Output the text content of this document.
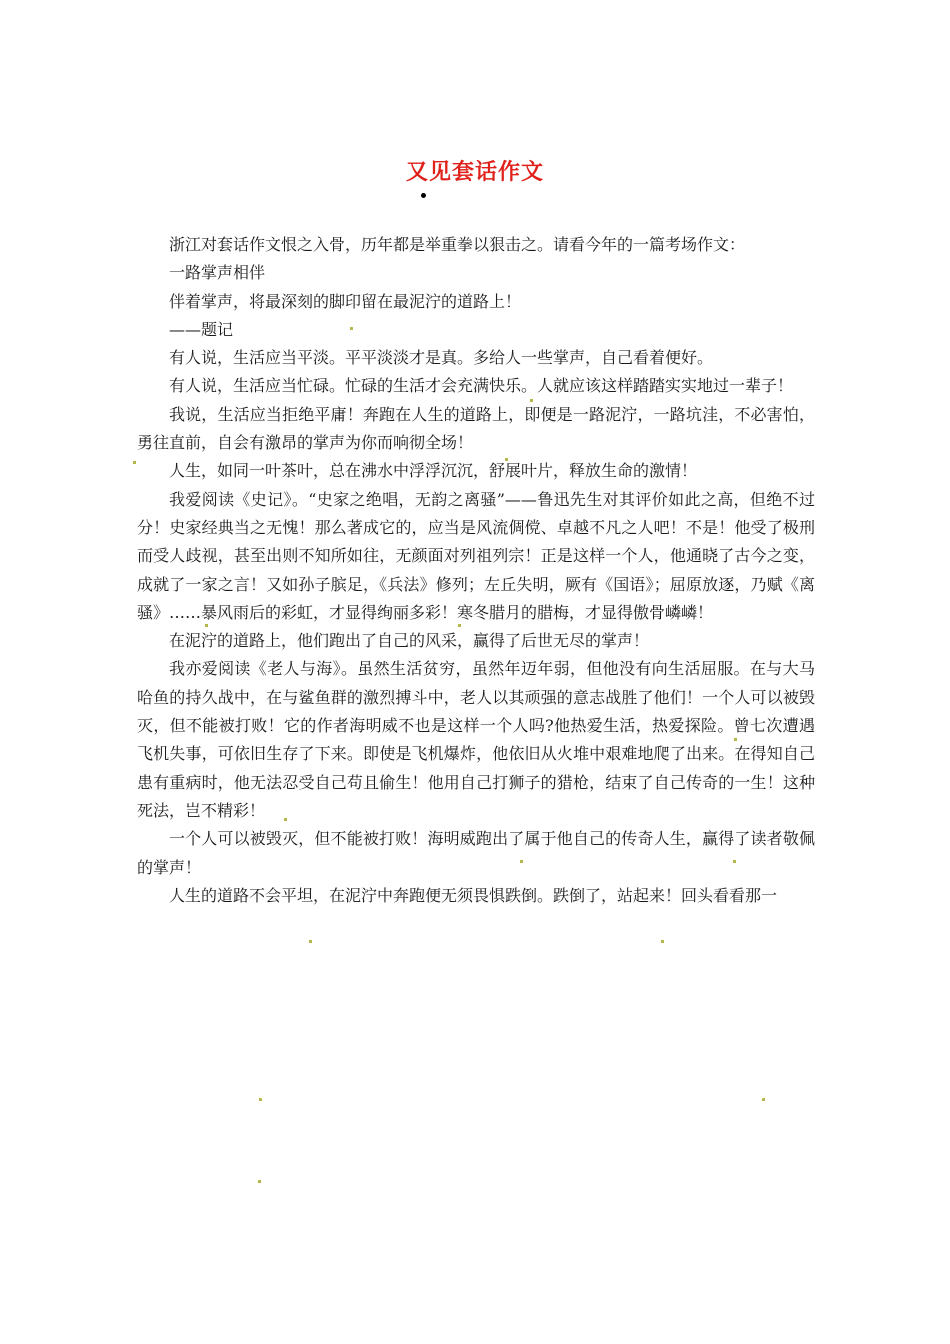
又见套话作文

浙江对套话作文恨之入骨，历年都是举重拳以狠击之。请看今年的一篇考场作文：

一路掌声相伴

伴着掌声，将最深刻的脚印留在最泥泞的道路上！

——题记

有人说，生活应当平淡。平平淡淡才是真。多给人一些掌声，自己看着便好。

有人说，生活应当忙碌。忙碌的生活才会充满快乐。人就应该这样踏踏实实地过一辈子！

我说，生活应当拒绝平庸！奔跑在人生的道路上，即便是一路泥泞，一路坑洼，不必害怕，勇往直前，自会有激昂的掌声为你而响彻全场！

人生，如同一叶茶叶，总在沸水中浮浮沉沉，舒展叶片，释放生命的激情！

我爱阅读《史记》。“史家之绝唱，无韵之离骚”——鲁迅先生对其评价如此之高，但绝不过分！史家经典当之无愧！那么著成它的，应当是风流倜傥、卓越不凡之人吧！不是！他受了极刑而受人歧视，甚至出则不知所如往，无颜面对列祖列宗！正是这样一个人，他通晓了古今之变，成就了一家之言！又如孙子膑足，《兵法》修列；左丘失明，厥有《国语》；屈原放逐，乃赋《离骚》……暴风雨后的彩虹，才显得绚丽多彩！寒冬腊月的腊梅，才显得傲骨嶙嶙！

在泥泞的道路上，他们跑出了自己的风采，赢得了后世无尽的掌声！

我亦爱阅读《老人与海》。虽然生活贫穷，虽然年迈年弱，但他没有向生活屈服。在与大马哈鱼的持久战中，在与鲨鱼群的激烈搏斗中，老人以其顽强的意志战胜了他们！一个人可以被毁灭，但不能被打败！它的作者海明威不也是这样一个人吗?他热爱生活，热爱探险。曾七次遭遇飞机失事，可依旧生存了下来。即使是飞机爆炸，他依旧从火堆中艰难地爬了出来。在得知自己患有重病时，他无法忍受自己苟且偷生！他用自己打狮子的猎枪，结束了自己传奇的一生！这种死法，岂不精彩！

一个人可以被毁灭，但不能被打败！海明威跑出了属于他自己的传奇人生，赢得了读者敬佩的掌声！

人生的道路不会平坦，在泥泞中奔跑便无须畏惧跌倒。跌倒了，站起来！回头看看那一
